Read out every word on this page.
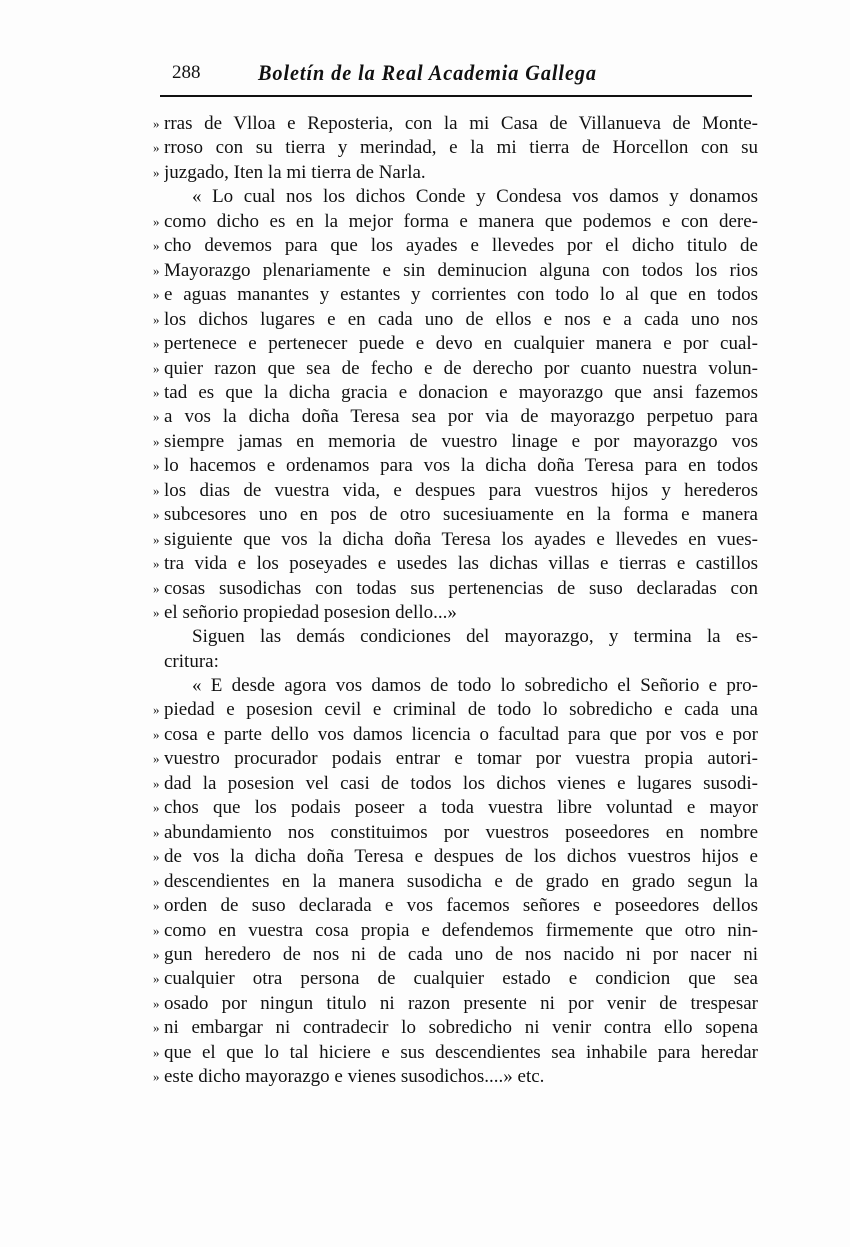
288	Boletín de la Real Academia Gallega
» rras de Vlloa e Reposteria, con la mi Casa de Villanueva de Monte-
» rroso con su tierra y merindad, e la mi tierra de Horcellon con su
» juzgado, Iten la mi tierra de Narla.
« Lo cual nos los dichos Conde y Condesa vos damos y donamos
» como dicho es en la mejor forma e manera que podemos e con dere-
» cho devemos para que los ayades e llevedes por el dicho titulo de
» Mayorazgo plenariamente e sin deminucion alguna con todos los rios
» e aguas manantes y estantes y corrientes con todo lo al que en todos
» los dichos lugares e en cada uno de ellos e nos e a cada uno nos
» pertenece e pertenecer puede e devo en cualquier manera e por cual-
» quier razon que sea de fecho e de derecho por cuanto nuestra volun-
» tad es que la dicha gracia e donacion e mayorazgo que ansi fazemos
» a vos la dicha doña Teresa sea por via de mayorazgo perpetuo para
» siempre jamas en memoria de vuestro linage e por mayorazgo vos
» lo hacemos e ordenamos para vos la dicha doña Teresa para en todos
» los dias de vuestra vida, e despues para vuestros hijos y herederos
» subcesores uno en pos de otro sucesiuamente en la forma e manera
» siguiente que vos la dicha doña Teresa los ayades e llevedes en vues-
» tra vida e los poseyades e usedes las dichas villas e tierras e castillos
» cosas susodichas con todas sus pertenencias de suso declaradas con
» el señorio propiedad posesion dello...»
Siguen las demás condiciones del mayorazgo, y termina la es-
critura:
« E desde agora vos damos de todo lo sobredicho el Señorio e pro-
» piedad e posesion cevil e criminal de todo lo sobredicho e cada una
» cosa e parte dello vos damos licencia o facultad para que por vos e por
» vuestro procurador podais entrar e tomar por vuestra propia autori-
» dad la posesion vel casi de todos los dichos vienes e lugares susodi-
» chos que los podais poseer a toda vuestra libre voluntad e mayor
» abundamiento nos constituimos por vuestros poseedores en nombre
» de vos la dicha doña Teresa e despues de los dichos vuestros hijos e
» descendientes en la manera susodicha e de grado en grado segun la
» orden de suso declarada e vos facemos señores e poseedores dellos
» como en vuestra cosa propia e defendemos firmemente que otro nin-
» gun heredero de nos ni de cada uno de nos nacido ni por nacer ni
» cualquier otra persona de cualquier estado e condicion que sea
» osado por ningun titulo ni razon presente ni por venir de trespesar
» ni embargar ni contradecir lo sobredicho ni venir contra ello sopena
» que el que lo tal hiciere e sus descendientes sea inhabile para heredar
» este dicho mayorazgo e vienes susodichos....» etc.
